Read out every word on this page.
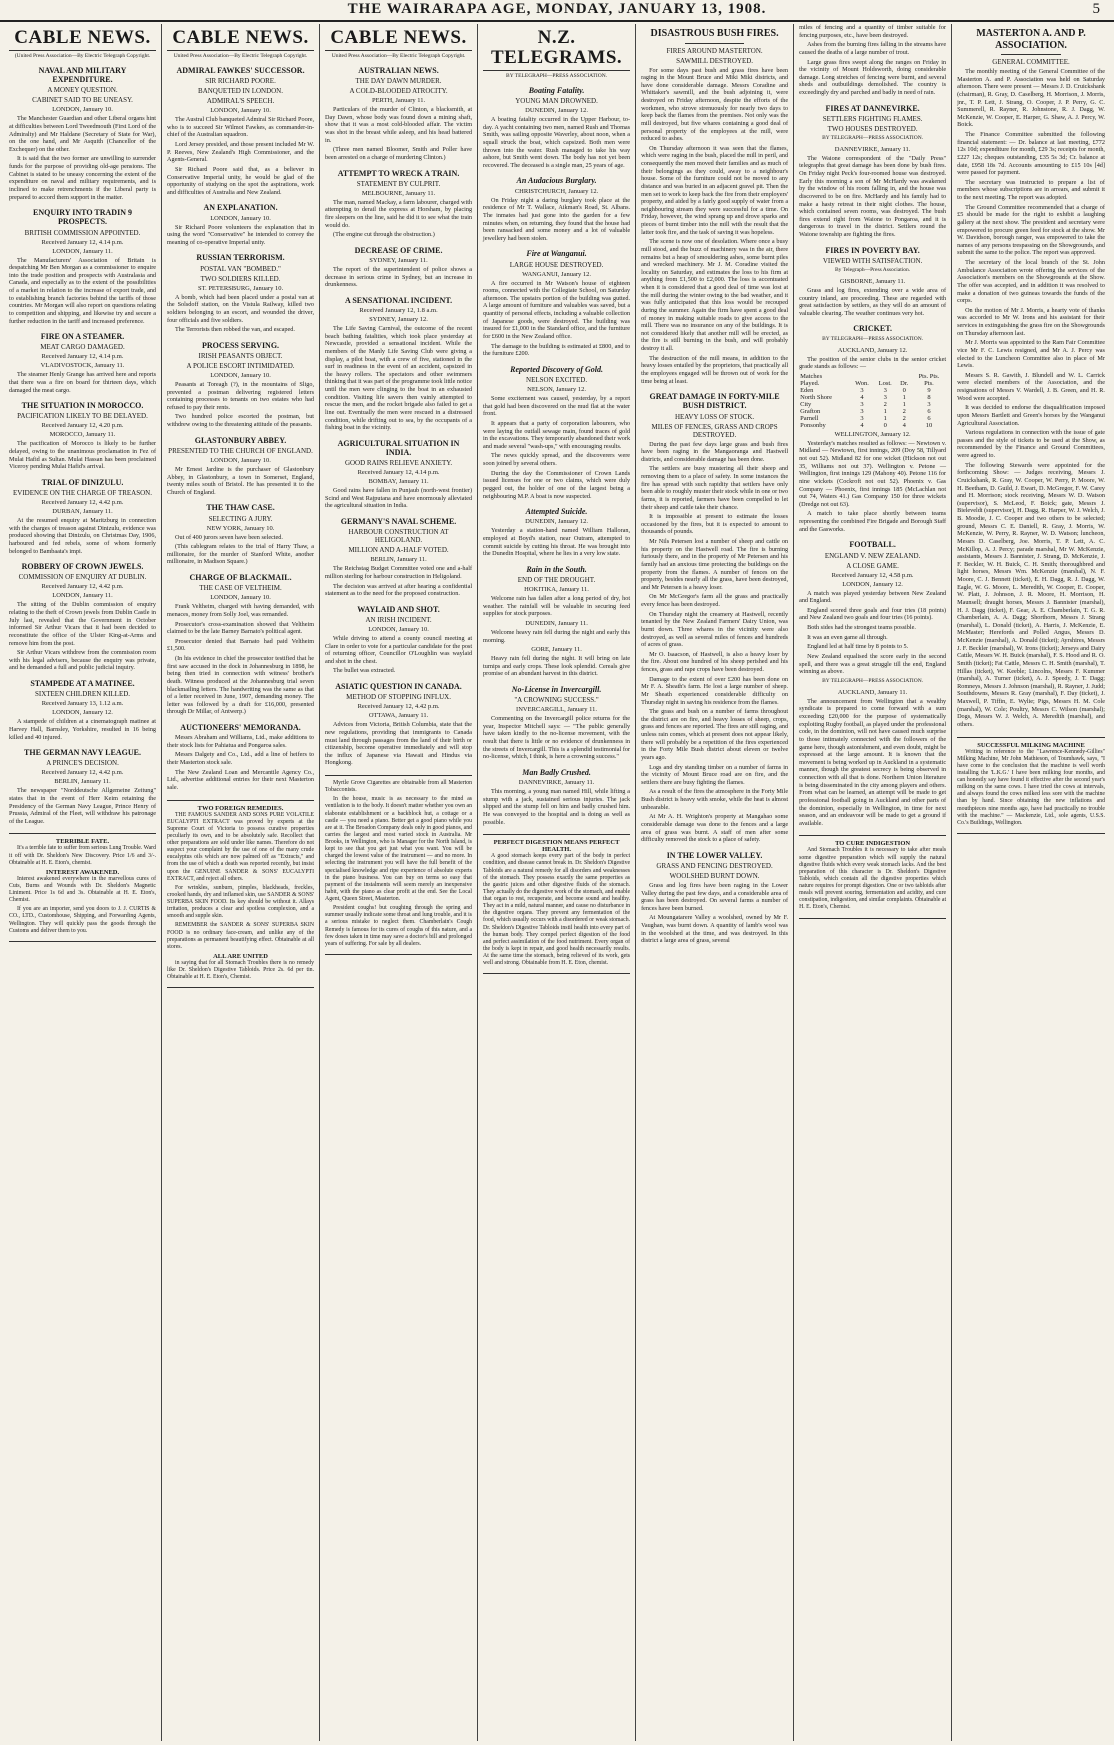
THE WAIRARAPA AGE, MONDAY, JANUARY 13, 1908.	5
CABLE NEWS.
(United Press Association—By Electric Telegraph Copyright.
NAVAL AND MILITARY EXPENDITURE.
A MONEY QUESTION.
CABINET SAID TO BE UNEASY.
LONDON, January 10.

The Manchester Guardian and other Liberal organs hint at difficulties between Lord Tweedmouth (First Lord of the Admiralty) and Mr Haldane (Secretary of State for War), on the one hand, and Mr Asquith (Chancellor of the Exchequer) on the other.

It is said that the two former are unwilling to surrender funds for the purpose of providing old-age pensions. The Cabinet is stated to be uneasy concerning the extent of the expenditure on naval and military requirements, and is inclined to make retrenchments if the Liberal party is prepared to accord them support in the matter.

ENQUIRY INTO TRADIN 9 PROSPECTS.
BRITISH COMMISSION APPOINTED.
Received January 12, 4.14 p.m.
LONDON, January 11.

The Manufacturers' Association of Britain is despatching Mr Ben Morgan as a commissioner to enquire into the trade position and prospects with Australasia and Canada, and especially as to the extent of the possibilities of a market in relation to the increase of export trade, and to establishing branch factories behind the tariffs of those countries. Mr Morgan will also report on questions relating to competition and shipping, and likewise try and secure a further reduction in the tariff and increased preference.

FIRE ON A STEAMER.
MEAT CARGO DAMAGED.
Received January 12, 4.14 p.m.
VLADIVOSTOCK, January 11.

The steamer Henly Grange has arrived here and reports that there was a fire on board for thirteen days, which damaged the meat cargo.

THE SITUATION IN MOROCCO.
PACIFICATION LIKELY TO BE DELAYED.
Received January 12, 4.20 p.m.
MOROCCO, January 11.

The pacification of Morocco is likely to be further delayed, owing to the unanimous proclamation in Fez of Mulai Hafid as Sultan. Mulai Hassan has been proclaimed Viceroy pending Mulai Hafid's arrival.

TRIAL OF DINIZULU.
EVIDENCE ON THE CHARGE OF TREASON.
Received January 12, 4.42 p.m.
DURBAN, January 11.

At the resumed enquiry at Maritzburg in connection with the charges of treason against Dinizulu, evidence was produced showing that Dinizulu, on Christmas Day, 1906, harboured and fed rebels, some of whom formerly belonged to Bambaata's impi.

ROBBERY OF CROWN JEWELS.
COMMISSION OF ENQUIRY AT DUBLIN.
Received January 12, 4.42 p.m.
LONDON, January 11.

The sitting of the Dublin commission of enquiry relating to the theft of Crown jewels from Dublin Castle in July last, revealed that the Government in October informed Sir Arthur Vicars that it had been decided to reconstitute the office of the Ulster King-at-Arms and remove him from the post.

Sir Arthur Vicars withdrew from the commission room with his legal advisers, because the enquiry was private, and he demanded a full and public judicial inquiry.

STAMPEDE AT A MATINEE.
SIXTEEN CHILDREN KILLED.
Received January 13, 1.12 a.m.
LONDON, January 12.

A stampede of children at a cinematograph matinee at Harvey Hall, Barnsley, Yorkshire, resulted in 16 being killed and 40 injured.

THE GERMAN NAVY LEAGUE.
A PRINCE'S DECISION.
Received January 12, 4.42 p.m.
BERLIN, January 11.

The newspaper "Norddeutsche Allgemeine Zeitung" states that in the event of Herr Keim retaining the Presidency of the German Navy League, Prince Henry of Prussia, Admiral of the Fleet, will withdraw his patronage of the League.

TERRIBLE FATE.

It's a terrible fate to suffer from serious Lung Trouble. Ward it off with Dr. Sheldon's New Discovery. Price 1/6 and 3/-. Obtainable at H. E. Eton's, chemist.

INTEREST AWAKENED.

Interest awakened everywhere in the marvellous cures of Cuts, Burns and Wounds with Dr. Sheldon's Magnetic Liniment. Price 1s 6d and 3s. Obtainable at H. E. Eton's, Chemist.

If you are an importer, send you doors to J. J. CURTIS & CO., LTD., Customhouse, Shipping, and Forwarding Agents, Wellington. They will quickly pass the goods through the Customs and deliver them to you.

CABLE NEWS.
United Press Association—By Electric Telegraph Copyright.
ADMIRAL FAWKES' SUCCESSOR.
SIR RICHARD POORE.
BANQUETED IN LONDON.
ADMIRAL'S SPEECH.
LONDON, January 10.

The Austral Club banqueted Admiral Sir Richard Poore, who is to succeed Sir Wilmot Fawkes, as commander-in-chief of the Australian squadron.

Lord Jersey presided, and those present included Mr W. P. Reeves, New Zealand's High Commissioner, and the Agents-General.

Sir Richard Poore said that, as a believer in Conservative Imperial unity, he would be glad of the opportunity of studying on the spot the aspirations, work and difficulties of Australia and New Zealand.

AN EXPLANATION.
LONDON, January 10.

Sir Richard Poore volunteers the explanation that in using the word "Conservative" he intended to convey the meaning of co-operative Imperial unity.

RUSSIAN TERRORISM.
POSTAL VAN "BOMBED."
TWO SOLDIERS KILLED.
ST. PETERSBURG, January 10.

A bomb, which had been placed under a postal van at the Solsdoff station, on the Vistula Railway, killed two soldiers belonging to an escort, and wounded the driver, four officials and five soldiers.

The Terrorists then robbed the van, and escaped.

PROCESS SERVING.
IRISH PEASANTS OBJECT.
A POLICE ESCORT INTIMIDATED.
LONDON, January 10.

Peasants at Toreagh (?), in the mountains of Sligo, prevented a postman delivering registered letters containing processes to tenants on two estates who had refused to pay their rents.

Two hundred police escorted the postman, but withdrew owing to the threatening attitude of the peasants.

GLASTONBURY ABBEY.
PRESENTED TO THE CHURCH OF ENGLAND.
LONDON, January 10.

Mr Ernest Jardine is the purchaser of Glastonbury Abbey, in Glastonbury, a town in Somerset, England, twenty miles south of Bristol. He has presented it to the Church of England.

THE THAW CASE.
SELECTING A JURY.
NEW YORK, January 10.

Out of 400 jurors seven have been selected.

(This cablegram relates to the trial of Harry Thaw, a millionaire, for the murder of Stanford White, another millionaire, in Madison Square.)

CHARGE OF BLACKMAIL.
THE CASE OF VELTHEIM.
LONDON, January 10.

Frank Veltheim, charged with having demanded, with menaces, money from Solly Joel, was remanded.

Prosecutor's cross-examination showed that Veltheim claimed to be the late Barney Barnato's political agent.

Prosecutor denied that Barnato had paid Veltheim £1,500.

(In his evidence in chief the prosecutor testified that he first saw accused in the dock in Johannesburg in 1898, he being then tried in connection with witness' brother's death. Witness produced at the Johannesburg trial seven blackmailing letters. The handwriting was the same as that of a letter received in June, 1907, demanding money. The letter was followed by a draft for £16,000, presented through Dr Millar, of Antwerp.)

AUCTIONEERS' MEMORANDA.

Messrs Abraham and Williams, Ltd., make additions to their stock lists for Pahiatua and Pongaroa sales.

Messrs Dalgety and Co., Ltd., add a line of heifers to their Masterton stock sale.

The New Zealand Loan and Mercantile Agency Co., Ltd., advertise additional entries for their next Masterton sale.

TWO FOREIGN REMEDIES.

THE FAMOUS SANDER AND SONS PURE VOLATILE EUCALYPTI EXTRACT was proved by experts at the Supreme Court of Victoria to possess curative properties peculiarly its own, and to be absolutely safe. Recollect that other preparations are sold under like names. Therefore do not suspect your complaint by the use of one of the many crude eucalyptus oils which are now palmed off as "Extracts," and from the use of which a death was reported recently, but insist upon the GENUINE SANDER & SONS' EUCALYPTI EXTRACT, and reject all others.

For wrinkles, sunburn, pimples, blackheads, freckles, crooked hands, dry and inflamed skin, use SANDER & SONS' SUPERBA SKIN FOOD. Its key should be without it. Allays irritation, produces a clear and spotless complexion, and a smooth and supple skin.

REMEMBER the SANDER & SONS' SUPERBA SKIN FOOD is no ordinary face-cream, and unlike any of the preparations as permanent beautifying effect. Obtainable at all stores.

ALL ARE UNITED

in saying that for all Stomach Troubles there is no remedy like Dr. Sheldon's Digestive Tabloids. Price 2s. 6d per tin. Obtainable at H. E. Eton's, Chemist.

CABLE NEWS.
United Press Association—By Electric Telegraph Copyright.
AUSTRALIAN NEWS.
THE DAY DAWN MURDER.
A COLD-BLOODED ATROCITY.
PERTH, January 11.

Particulars of the murder of Clinton, a blacksmith, at Day Dawn, whose body was found down a mining shaft, show that it was a most cold-blooded affair. The victim was shot in the breast while asleep, and his head battered in.

(Three men named Bloomer, Smith and Poller have been arrested on a charge of murdering Clinton.)

ATTEMPT TO WRECK A TRAIN.
STATEMENT BY CULPRIT.
MELBOURNE, January 11.

The man, named Mackay, a farm labourer, charged with attempting to derail the express at Horsham, by placing fire sleepers on the line, said he did it to see what the train would do.

(The engine cut through the obstruction.)

DECREASE OF CRIME.
SYDNEY, January 11.

The report of the superintendent of police shows a decrease in serious crime in Sydney, but an increase in drunkenness.

A SENSATIONAL INCIDENT.
Received January 12, 1.8 a.m.
SYDNEY, January 12.

The Life Saving Carnival, the outcome of the recent beach bathing fatalities, which took place yesterday at Newcastle, provided a sensational incident. While the members of the Manly Life Saving Club were giving a display, a pilot boat, with a crew of five, stationed in the surf in readiness in the event of an accident, capsized in the heavy rollers. The spectators and other swimmers thinking that it was part of the programme took little notice until the men were clinging to the boat in an exhausted condition. Visiting life savers then vainly attempted to rescue the men, and the rocket brigade also failed to get a line out. Eventually the men were rescued in a distressed condition, while drifting out to sea, by the occupants of a fishing boat in the vicinity.

AGRICULTURAL SITUATION IN INDIA.
GOOD RAINS RELIEVE ANXIETY.
Received January 12, 4.14 p.m.
BOMBAY, January 11.

Good rains have fallen in Punjaub (north-west frontier) Scind and West Rajputana and have enormously alleviated the agricultural situation in India.

GERMANY'S NAVAL SCHEME.
HARBOUR CONSTRUCTION AT HELIGOLAND.
MILLION AND A-HALF VOTED.
BERLIN, January 11.

The Reichstag Budget Committee voted one and a-half million sterling for harbour construction in Heligoland.

The decision was arrived at after hearing a confidential statement as to the need for the proposed construction.

WAYLAID AND SHOT.
AN IRISH INCIDENT.
LONDON, January 10.

While driving to attend a county council meeting at Clare in order to vote for a particular candidate for the post of returning officer, Councillor O'Loughlin was waylaid and shot in the chest.

The bullet was extracted.

ASIATIC QUESTION IN CANADA.
METHOD OF STOPPING INFLUX.
Received January 12, 4.42 p.m.
OTTAWA, January 11.

Advices from Victoria, British Columbia, state that the new regulations, providing that immigrants to Canada must land through passages from the land of their birth or citizenship, become operative immediately and will stop the influx of Japanese via Hawaii and Hindus via Hongkong.

Myrtle Grove Cigarettes are obtainable from all Masterton Tobacconists.

In the house, music is as necessary to the mind as ventilation is to the body. It doesn't matter whether you own an elaborate establishment or a backblock hut, a cottage or a castle — you need a piano. Better get a good piano while you are at it. The Broadon Company deals only in good pianos, and carries the largest and most varied stock in Australia. Mr Brooks, in Wellington, who is Manager for the North Island, is kept to see that you get just what you want. You will be charged the lowest value of the instrument — and no more. In selecting the instrument you will have the full benefit of the specialised knowledge and ripe experience of absolute experts in the piano business. You can buy on terms so easy that payment of the instalments will seem merely an inexpensive habit, with the piano as clear profit at the end. See the Local Agent, Queen Street, Masterton.

President coughs! but coughing through the spring and summer usually indicate some throat and lung trouble, and it is a serious mistake to neglect them. Chamberlain's Cough Remedy is famous for its cures of coughs of this nature, and a few doses taken in time may save a doctor's bill and prolonged years of suffering. For sale by all dealers.

N.Z. TELEGRAMS.
BY TELEGRAPH—PRESS ASSOCIATION.
Boating Fatality.
YOUNG MAN DROWNED.
DUNEDIN, January 12.

A boating fatality occurred in the Upper Harbour, to-day. A yacht containing two men, named Rush and Thomas Smith, was sailing opposite Waverley, about noon, when a squall struck the boat, which capsized. Both men were thrown into the water. Rush managed to take his way ashore, but Smith went down. The body has not yet been recovered. The deceased is a single man, 25 years of age.

An Audacious Burglary.
CHRISTCHURCH, January 12.

On Friday night a daring burglary took place at the residence of Mr T. Wallace, Aikman's Road, St. Albans. The inmates had just gone into the garden for a few minutes when, on returning, they found that the house had been ransacked and some money and a lot of valuable jewellery had been stolen.

Fire at Wanganui.
LARGE HOUSE DESTROYED.
WANGANUI, January 12.

A fire occurred in Mr Watson's house of eighteen rooms, connected with the Collegiate School, on Saturday afternoon. The upstairs portion of the building was gutted. A large amount of furniture and valuables was saved, but a quantity of personal effects, including a valuable collection of Japanese goods, were destroyed. The building was insured for £1,000 in the Standard office, and the furniture for £600 in the New Zealand office.

The damage to the building is estimated at £800, and to the furniture £200.

Reported Discovery of Gold.
NELSON EXCITED.
NELSON, January 12.

Some excitement was caused, yesterday, by a report that gold had been discovered on the mud flat at the water front.

It appears that a party of corporation labourers, who were laying the outfall sewage main, found traces of gold in the excavations. They temporarily abandoned their work and made several "wash-ups," with encouraging results.

The news quickly spread, and the discoverers were soon joined by several others.

During the day the Commissioner of Crown Lands issued licenses for one or two claims, which were duly pegged out, the holder of one of the largest being a neighbouring M.P. A boat is now suspected.

Attempted Suicide.
DUNEDIN, January 12.

Yesterday a station-hand named William Halloran, employed at Boyd's station, near Outram, attempted to commit suicide by cutting his throat. He was brought into the Dunedin Hospital, where he lies in a very low state.

Rain in the South.
END OF THE DROUGHT.
HOKITIKA, January 11.

Welcome rain has fallen after a long period of dry, hot weather. The rainfall will be valuable in securing feed supplies for stock purposes.

DUNEDIN, January 11.

Welcome heavy rain fell during the night and early this morning.

GORE, January 11.

Heavy rain fell during the night. It will bring on late turnips and early crops. These look splendid. Cereals give promise of an abundant harvest in this district.

No-License in Invercargill.
"A CROWNING SUCCESS."
INVERCARGILL, January 11.

Commenting on the Invercargill police returns for the year, Inspector Mitchell says: — "The public generally have taken kindly to the no-license movement, with the result that there is little or no evidence of drunkenness in the streets of Invercargill. This is a splendid testimonial for no-license, which, I think, is here a crowning success."

Man Badly Crushed.
DANNEVIRKE, January 11.

This morning, a young man named Hill, while lifting a stump with a jack, sustained serious injuries. The jack slipped and the stump fell on him and badly crushed him. He was conveyed to the hospital and is doing as well as possible.

PERFECT DIGESTION MEANS PERFECT HEALTH.

A good stomach keeps every part of the body in perfect condition, and disease cannot break in. Dr. Sheldon's Digestive Tabloids are a natural remedy for all disorders and weaknesses of the stomach. They possess exactly the same properties as the gastric juices and other digestive fluids of the stomach. They actually do the digestive work of the stomach, and enable that organ to rest, recuperate, and become sound and healthy. They act in a mild, natural manner, and cause no disturbance in the digestive organs. They prevent any fermentation of the food, which usually occurs with a disordered or weak stomach. Dr. Sheldon's Digestive Tabloids instil health into every part of the human body. They compel perfect digestion of the food and perfect assimilation of the food nutriment. Every organ of the body is kept in repair, and good health necessarily results. At the same time the stomach, being relieved of its work, gets well and strong. Obtainable from H. E. Eton, chemist.

DISASTROUS BUSH FIRES.
FIRES AROUND MASTERTON.
SAWMILL DESTROYED.

For some days past bush and grass fires have been raging in the Mount Bruce and Miki Miki districts, and have done considerable damage. Messrs Coradine and Whittaker's sawmill, and the bush adjoining it, were destroyed on Friday afternoon, despite the efforts of the workmen, who strove strenuously for nearly two days to keep back the flames from the premises. Not only was the mill destroyed, but five whares containing a good deal of personal property of the employees at the mill, were reduced to ashes.

On Thursday afternoon it was seen that the flames, which were raging in the bush, placed the mill in peril, and consequently the men moved their families and as much of their belongings as they could, away to a neighbour's house. Some of the furniture could not be moved to any distance and was buried in an adjacent gravel pit. Then the men set to work to keep back the fire from their employers' property, and aided by a fairly good supply of water from a neighbouring stream they were successful for a time. On Friday, however, the wind sprang up and drove sparks and pieces of burnt timber into the mill with the result that the latter took fire, and the task of saving it was hopeless.

The scene is now one of desolation. Where once a busy mill stood, and the buzz of machinery was in the air, there remains but a heap of smouldering ashes, some burnt piles and wrecked machinery. Mr J. M. Coradine visited the locality on Saturday, and estimates the loss to his firm at anything from £1,500 to £2,000. The loss is accentuated when it is considered that a good deal of time was lost at the mill during the winter owing to the bad weather, and it was fully anticipated that this loss would be recouped during the summer. Again the firm have spent a good deal of money in making suitable roads to give access to the mill. There was no insurance on any of the buildings. It is not considered likely that another mill will be erected, as the fire is still burning in the bush, and will probably destroy it all.

The destruction of the mill means, in addition to the heavy losses entailed by the proprietors, that practically all the employees engaged will be thrown out of work for the time being at least.

GREAT DAMAGE IN FORTY-MILE BUSH DISTRICT.
HEAVY LOSS OF STOCK.
MILES OF FENCES, GRASS AND CROPS DESTROYED.

During the past few days large grass and bush fires have been raging in the Mangaoranga and Hastwell districts, and considerable damage has been done.

The settlers are busy mustering all their sheep and removing them to a place of safety. In some instances the fire has spread with such rapidity that settlers have only been able to roughly muster their stock while in one or two farms, it is reported, farmers have been compelled to let their sheep and cattle take their chance.

It is impossible at present to estimate the losses occasioned by the fires, but it is expected to amount to thousands of pounds.

Mr Nils Petersen lost a number of sheep and cattle on his property on the Hastwell road. The fire is burning furiously there, and in the property of Mr Petersen and his family had an anxious time protecting the buildings on the property from the flames. A number of fences on the property, besides nearly all the grass, have been destroyed, and Mr Petersen is a heavy loser.

On Mr McGregor's farm all the grass and practically every fence has been destroyed.

On Thursday night the creamery at Hastwell, recently tenanted by the New Zealand Farmers' Dairy Union, was burnt down. Three whares in the vicinity were also destroyed, as well as several miles of fences and hundreds of acres of grass.

Mr O. Isaacson, of Hastwell, is also a heavy loser by the fire. About one hundred of his sheep perished and his fences, grass and rape crops have been destroyed.

Damage to the extent of over £200 has been done on Mr F. A. Sheath's farm. He lost a large number of sheep. Mr Sheath experienced considerable difficulty on Thursday night in saving his residence from the flames.

The grass and bush on a number of farms throughout the district are on fire, and heavy losses of sheep, crops, grass and fences are reported. The fires are still raging, and unless rain comes, which at present does not appear likely, there will probably be a repetition of the fires experienced in the Forty Mile Bush district about eleven or twelve years ago.

Logs and dry standing timber on a number of farms in the vicinity of Mount Bruce road are on fire, and the settlers there are busy fighting the flames.

As a result of the fires the atmosphere in the Forty Mile Bush district is heavy with smoke, while the heat is almost unbearable.

At Mr A. H. Wrighton's property at Mangahao some considerable damage was done to the fences and a large area of grass was burnt. A staff of men after some difficulty removed the stock to a place of safety.

IN THE LOWER VALLEY.
GRASS AND FENCING DESTROYED.
WOOLSHED BURNT DOWN.

Grass and log fires have been raging in the Lower Valley during the past few days, and a considerable area of grass has been destroyed. On several farms a number of fences have been burned.

At Moungatarere Valley a woolshed, owned by Mr F. Vaughan, was burnt down. A quantity of lamb's wool was in the woolshed at the time, and was destroyed. In this district a large area of grass, several

miles of fencing and a quantity of timber suitable for fencing purposes, etc., have been destroyed.

Ashes from the burning fires falling in the streams have caused the deaths of a large number of trout.

Large grass fires swept along the ranges on Friday in the vicinity of Mount Holdsworth, doing considerable damage. Long stretches of fencing were burnt, and several sheds and outbuildings demolished. The country is exceedingly dry and parched and badly in need of rain.

FIRES AT DANNEVIRKE.
SETTLERS FIGHTING FLAMES.
TWO HOUSES DESTROYED.
BY TELEGRAPH—PRESS ASSOCIATION.
DANNEVIRKE, January 11.

The Waione correspondent of the "Daily Press" telegraphs that great damage has been done by bush fires. On Friday night Peck's four-roomed house was destroyed. Early this morning a son of Mr McHardy was awakened by the window of his room falling in, and the house was discovered to be on fire. McHardy and his family had to make a hasty retreat in their night clothes. The house, which contained seven rooms, was destroyed. The bush fires extend right from Waione to Pongaroa, and it is dangerous to travel in the district. Settlers round the Waione township are fighting the fires.

FIRES IN POVERTY BAY.
VIEWED WITH SATISFACTION.
By Telegraph—Press Association.
GISBORNE, January 11.

Grass and log fires, extending over a wide area of country inland, are proceeding. These are regarded with great satisfaction by settlers, as they will do an amount of valuable clearing. The weather continues very hot.

CRICKET.
BY TELEGRAPH—PRESS ASSOCIATION.
AUCKLAND, January 12.

The position of the senior clubs in the senior cricket grade stands as follows: —

Matches				Pts. Pts.
Played.	Won.	Lost.	Dr.	Pts.
Eden	3	3	0	9
North Shore	4	3	1	8
City	3	2	1	3
Grafton	3	1	2	6
Parnell	3	1	2	6
Ponsonby	4	0	4	10
WELLINGTON, January 12.

Yesterday's matches resulted as follows: — Newtown v. Midland — Newtown, first innings, 209 (Doy 58, Tillyard not out 52). Midland 82 for one wicket (Hickson not out 35, Williams not out 37). Wellington v. Petone — Wellington, first innings 129 (Mahony 40). Petone 116 for nine wickets (Cockroft not out 52). Phoenix v. Gas Company — Phoenix, first innings 185 (McLachlan not out 74, Waters 41.) Gas Company 150 for three wickets (Dredge not out 63).

A match to take place shortly between teams representing the combined Fire Brigade and Borough Staff and the Gasworks.

FOOTBALL.
ENGLAND V. NEW ZEALAND.
A CLOSE GAME.
Received January 12, 4.58 p.m.
LONDON, January 12.

A match was played yesterday between New Zealand and England.

England scored three goals and four tries (18 points) and New Zealand two goals and four tries (16 points).

Both sides had the strongest teams possible.

It was an even game all through.

England led at half time by 8 points to 5.

New Zealand equalised the score early in the second spell, and there was a great struggle till the end, England winning as above.

BY TELEGRAPH—PRESS ASSOCIATION.
AUCKLAND, January 11.

The announcement from Wellington that a wealthy syndicate is prepared to come forward with a sum exceeding £20,000 for the purpose of systematically exploiting Rugby football, as played under the professional code, in the dominion, will not have caused much surprise to those intimately connected with the followers of the game here, though astonishment, and even doubt, might be expressed at the large amount. It is known that the movement is being worked up in Auckland in a systematic manner, though the greatest secrecy is being observed in connection with all that is done. Northern Union literature is being disseminated in the city among players and others. From what can be learned, an attempt will be made to get professional football going in Auckland and other parts of the dominion, especially in Wellington, in time for next season, and an endeavour will be made to get a ground if available.

TO CURE INDIGESTION

And Stomach Troubles it is necessary to take after meals some digestive preparation which will supply the natural digestive fluids which every weak stomach lacks. And the best preparation of this character is Dr. Sheldon's Digestive Tabloids, which contain all the digestive properties which nature requires for prompt digestion. One or two tabloids after meals will prevent souring, fermentation and acidity, and cure constipation, indigestion, and similar complaints. Obtainable at H. E. Eton's, Chemist.

MASTERTON A. AND P. ASSOCIATION.
GENERAL COMMITTEE.

The monthly meeting of the General Committee of the Masterton A. and P. Association was held on Saturday afternoon. There were present — Messrs J. D. Cruickshank (chairman), R. Gray, D. Caselberg, H. Morrison, J. Morris, jnr., T. P. Lett, J. Strang, O. Cooper, J. P. Perry, G. C. Summerell, R. Rayner, R. Johnstone, R. J. Dagg, W. McKenzie, W. Cooper, E. Harper, G. Shaw, A. J. Percy, W. Boick.

The Finance Committee submitted the following financial statement: — Dr. balance at last meeting, £772 12s 10d; expenditure for month, £29 3s; receipts for month, £227 12s; cheques outstanding, £35 5s 3d; Cr. balance at date, £958 18s 7d. Accounts amounting to £15 10s [4d] were passed for payment.

The secretary was instructed to prepare a list of members whose subscriptions are in arrears, and submit it to the next meeting. The report was adopted.

The Ground Committee recommended that a charge of £5 should be made for the right to exhibit a laughing gallery at the next show. The president and secretary were empowered to procure green feed for stock at the show. Mr W. Davidson, borough ranger, was empowered to take the names of any persons trespassing on the Showgrounds, and submit the same to the police. The report was approved.

The secretary of the local branch of the St. John Ambulance Association wrote offering the services of the Association's members on the Showgrounds at the Show. The offer was accepted, and in addition it was resolved to make a donation of two guineas towards the funds of the corps.

On the motion of Mr J. Morris, a hearty vote of thanks was accorded to Mr W. Irons and his assistant for their services in extinguishing the grass fire on the Showgrounds on Thursday afternoon last.

Mr J. Morris was appointed to the Ram Fair Committee vice Mr F. C. Lewis resigned, and Mr A. J. Percy was elected to the Luncheon Committee also in place of Mr Lewis.

Messrs S. R. Gawith, J. Blundell and W. L. Carrick were elected members of the Association, and the resignations of Messrs V. Wardell, J. B. Green, and H. R. Wood were accepted.

It was decided to endorse the disqualification imposed upon Messrs Bartlett and Green's horses by the Wanganui Agricultural Association.

Various regulations in connection with the issue of gate passes and the style of tickets to be used at the Show, as recommended by the Finance and Ground Committees, were agreed to.

The following Stewards were appointed for the forthcoming Show: — Judges receiving, Messrs J. Cruickshank, R. Gray, W. Cooper, W. Perry, P. Moore, W. H. Beetham, D. Guild, J. Ewart, D. McGregor, F. W. Carey and H. Morrison; stock receiving, Messrs W. D. Watson (supervisor), S. McLeod, F. Boick; gate, Messrs J. Bieleveldt (supervisor), H. Dagg, R. Harper, W. J. Welch, J. B. Moodie, J. C. Cooper and two others to be selected; ground, Messrs C. E. Daniell, R. Gray, J. Morris, W. McKenzie, W. Perry, R. Rayner, W. D. Watson; luncheon, Messrs D. Caselberg, Joe. Morris, T. P. Lett, A. C. McKillop, A. J. Percy; parade marshal, Mr W. McKenzie, assistants, Messrs J. Bannister, J. Strang, D. McKenzie, J. F. Beckler, W. H. Buick, C. H. Smith; thoroughbred and light horses, Messrs Wm. McKenzie (marshal), N. F. Moore, C. J. Bennett (ticket), E. H. Dagg, R. J. Dagg, W. Eagle, W. G. Moore, L. Meredith, W. Cooper, E. Cooper, W. Platt, J. Johnson, J. R. Moore, H. Morrison, H. Maunsell; draught horses, Messrs J. Bannister (marshal), H. J. Dagg (ticket), F. Gear, A. E. Chamberlain, T. G. R. Chamberlain, A. A. Dagg; Shorthorn, Messrs J. Strang (marshal), L. Donald (ticket), A. Harris, J. McKenzie, E. McMaster; Herefords and Polled Angus, Messrs D. McKenzie (marshal), A. Donald (ticket); Ayrshires, Messrs J. F. Beckler (marshal), W. Irons (ticket); Jerseys and Dairy Cattle, Messrs W. H. Buick (marshal), F. S. Hood and R. O. Smith (ticket); Fat Cattle, Messrs C. H. Smith (marshal), T. Hillas (ticket), W. Keeble; Lincolns, Messrs F. Kummer (marshal), A. Turner (ticket), A. J. Speedy, J. T. Dagg; Romneys, Messrs J. Johnson (marshal), R. Rayner, J. Judd; Southdowns, Messrs R. Gray (marshal), F. Day (ticket), J. Maxwell, P. Tiffin, E. Wylie; Pigs, Messrs H. M. Cole (marshal), W. Cole; Poultry, Messrs C. Wilson (marshal); Dogs, Messrs W. J. Welch, A. Meredith (marshal), and others.

SUCCESSFUL MILKING MACHINE

Writing in reference to the "Lawrence-Kennedy-Gillies" Milking Machine, Mr John Mathieson, of Toumhawk, says, "I have come to the conclusion that the machine is well worth installing the 'L.K.G.' I have been milking four months, and can honestly say have found it effective after the second year's milking on the same cows. I have tried the cows at intervals, and always found the cows milked less sore with the machine than by hand. Since obtaining the new inflations and mouthpieces nine months ago, have had practically no trouble with the machine." — Mackenzie, Ltd., sole agents, U.S.S. Co.'s Buildings, Wellington.
